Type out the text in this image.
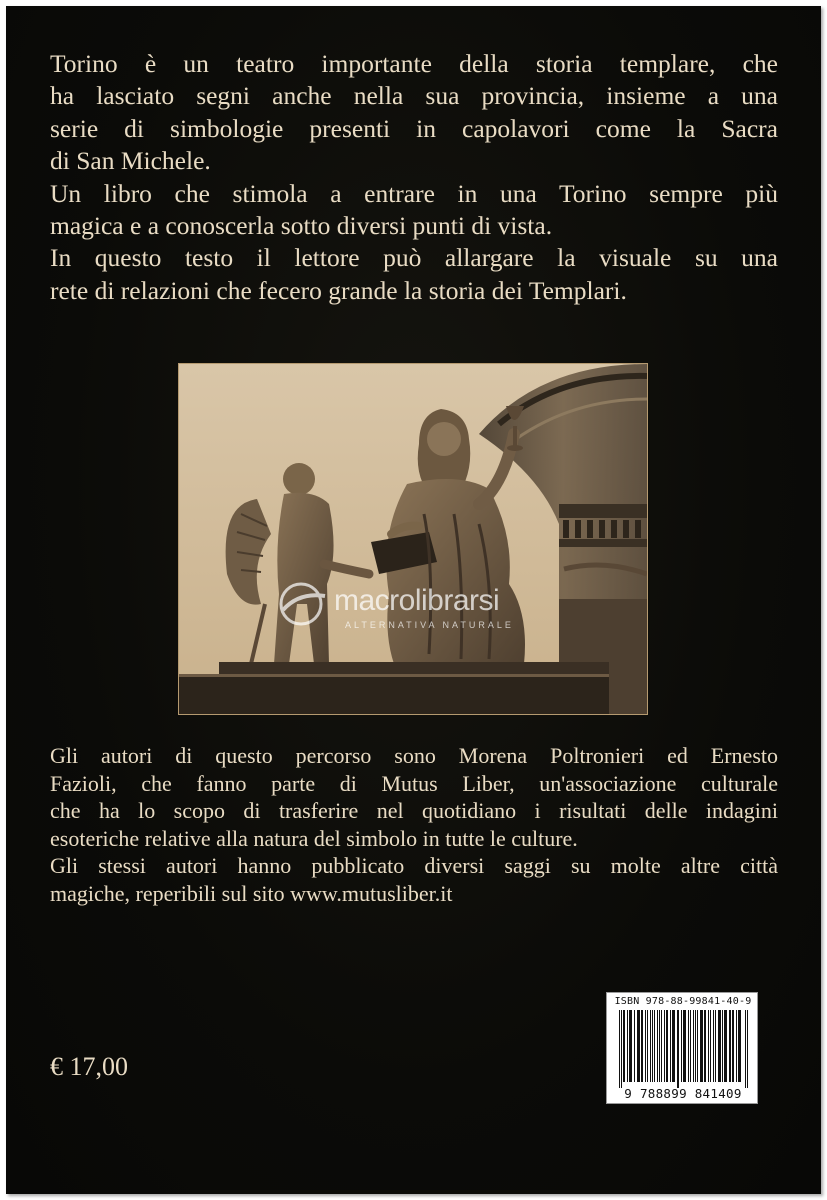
Torino è un teatro importante della storia templare, che
ha lasciato segni anche nella sua provincia, insieme a una
serie di simbologie presenti in capolavori come la Sacra
di San Michele.
Un libro che stimola a entrare in una Torino sempre più
magica e a conoscerla sotto diversi punti di vista.
In questo testo il lettore può allargare la visuale su una
rete di relazioni che fecero grande la storia dei Templari.
macrolibrarsi
ALTERNATIVA NATURALE
Gli autori di questo percorso sono Morena Poltronieri ed Ernesto
Fazioli, che fanno parte di Mutus Liber, un'associazione culturale
che ha lo scopo di trasferire nel quotidiano i risultati delle indagini
esoteriche relative alla natura del simbolo in tutte le culture.
Gli stessi autori hanno pubblicato diversi saggi su molte altre città
magiche, reperibili sul sito www.mutusliber.it
€ 17,00
ISBN 978-88-99841-40-9
9 788899 841409
